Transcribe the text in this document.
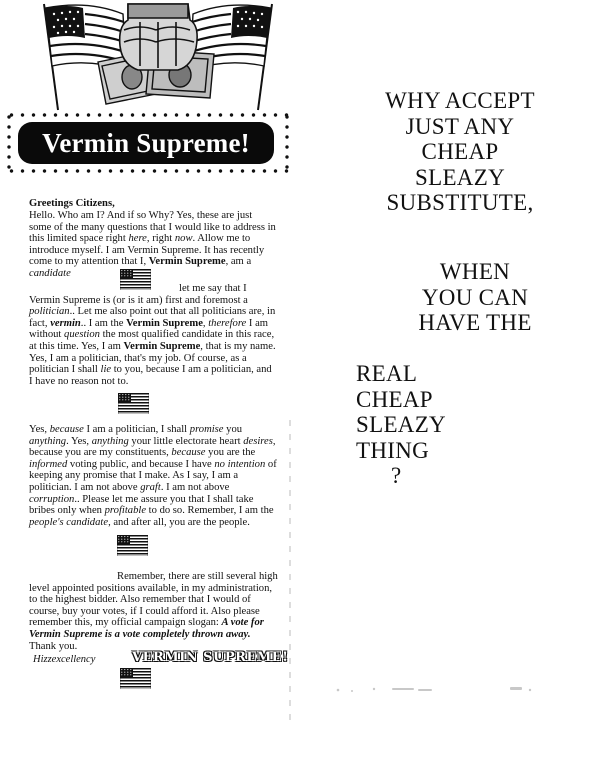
Vermin Supreme!
Greetings Citizens,
Hello. Who am I? And if so Why? Yes, these are just some of the many questions that I would like to address in this limited space right here, right now. Allow me to introduce myself. I am Vermin Supreme. It has recently come to my attention that I, Vermin Supreme, am a candidate
let me say that I Vermin Supreme is (or is it am) first and foremost a politician.. Let me also point out that all politicians are, in fact, vermin.. I am the Vermin Supreme, therefore I am without question the most qualified candidate in this race, at this time. Yes, I am Vermin Supreme, that is my name. Yes, I am a politician, that's my job. Of course, as a politician I shall lie to you, because I am a politician, and I have no reason not to.
Yes, because I am a politician, I shall promise you anything. Yes, anything your little electorate heart desires, because you are my constituents, because you are the informed voting public, and because I have no intention of keeping any promise that I make. As I say, I am a politician. I am not above graft. I am not above corruption.. Please let me assure you that I shall take bribes only when profitable to do so. Remember, I am the people's candidate, and after all, you are the people.
Remember, there are still several high
level appointed positions available, in my administration, to the highest bidder. Also remember that I would of course, buy your votes, if I could afford it. Also please remember this, my official campaign slogan: A vote for Vermin Supreme is a vote completely thrown away. Thank you.
Hizzexcellency	VERMIN SUPREME!
WHY ACCEPT
JUST ANY
CHEAP
SLEAZY
SUBSTITUTE,
WHEN
YOU CAN
HAVE THE
REAL
CHEAP
SLEAZY
THING
?
